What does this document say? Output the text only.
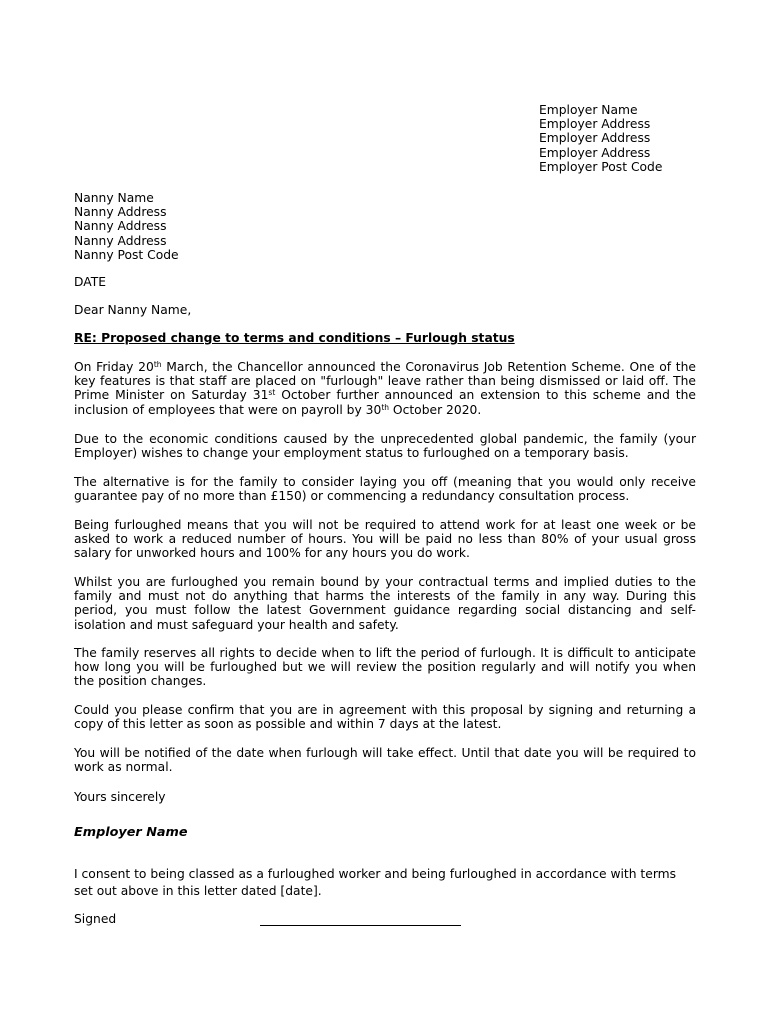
Employer Name
Employer Address
Employer Address
Employer Address
Employer Post Code
Nanny Name
Nanny Address
Nanny Address
Nanny Address
Nanny Post Code
DATE
Dear Nanny Name,
RE: Proposed change to terms and conditions – Furlough status
On Friday 20th March, the Chancellor announced the Coronavirus Job Retention Scheme. One of the key features is that staff are placed on "furlough" leave rather than being dismissed or laid off. The Prime Minister on Saturday 31st October further announced an extension to this scheme and the inclusion of employees that were on payroll by 30th October 2020.
Due to the economic conditions caused by the unprecedented global pandemic, the family (your Employer) wishes to change your employment status to furloughed on a temporary basis.
The alternative is for the family to consider laying you off (meaning that you would only receive guarantee pay of no more than £150) or commencing a redundancy consultation process.
Being furloughed means that you will not be required to attend work for at least one week or be asked to work a reduced number of hours. You will be paid no less than 80% of your usual gross salary for unworked hours and 100% for any hours you do work.
Whilst you are furloughed you remain bound by your contractual terms and implied duties to the family and must not do anything that harms the interests of the family in any way. During this period, you must follow the latest Government guidance regarding social distancing and self-isolation and must safeguard your health and safety.
The family reserves all rights to decide when to lift the period of furlough. It is difficult to anticipate how long you will be furloughed but we will review the position regularly and will notify you when the position changes.
Could you please confirm that you are in agreement with this proposal by signing and returning a copy of this letter as soon as possible and within 7 days at the latest.
You will be notified of the date when furlough will take effect. Until that date you will be required to work as normal.
Yours sincerely
Employer Name
I consent to being classed as a furloughed worker and being furloughed in accordance with terms set out above in this letter dated [date].
Signed
